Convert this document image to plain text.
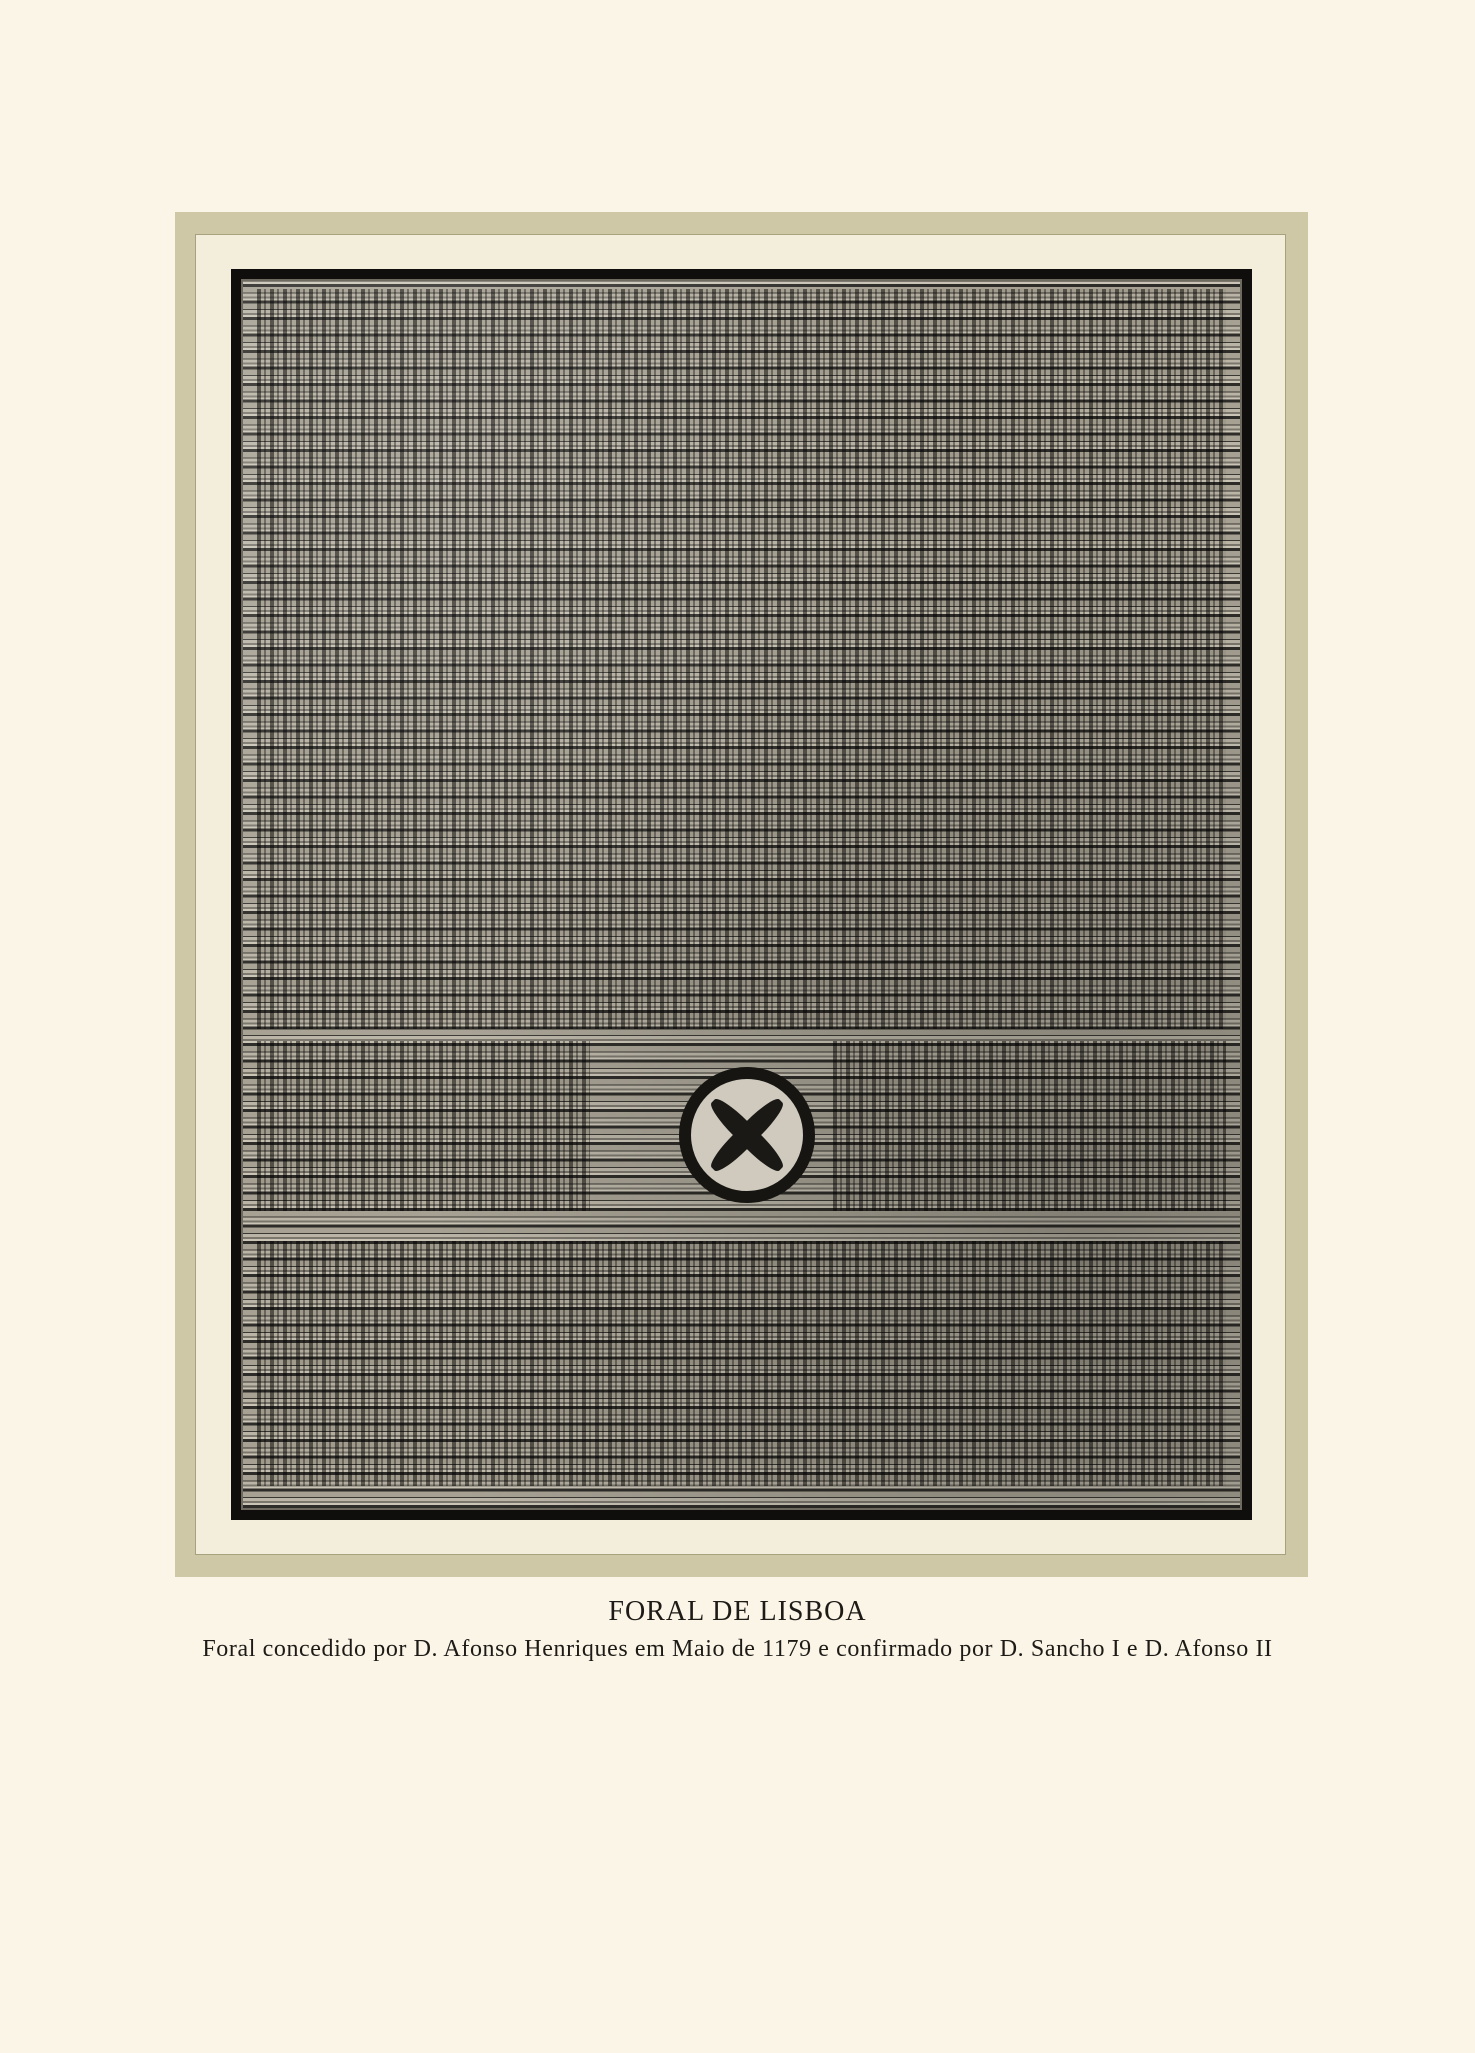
FORAL DE LISBOA
Foral concedido por D. Afonso Henriques em Maio de 1179 e confirmado por D. Sancho I e D. Afonso II
